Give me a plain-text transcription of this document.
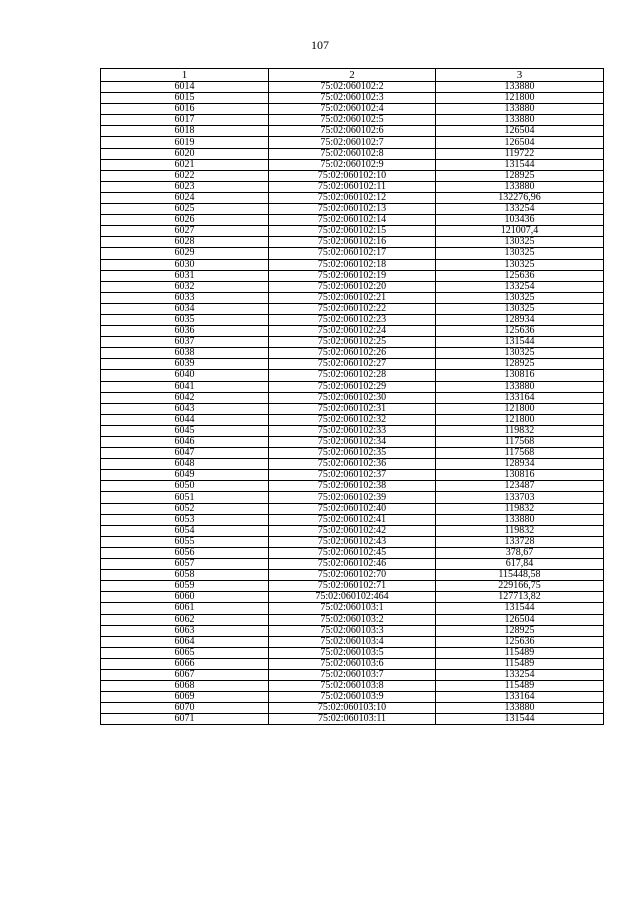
107
1	2	3
6014	75:02:060102:2	133880
6015	75:02:060102:3	121800
6016	75:02:060102:4	133880
6017	75:02:060102:5	133880
6018	75:02:060102:6	126504
6019	75:02:060102:7	126504
6020	75:02:060102:8	119722
6021	75:02:060102:9	131544
6022	75:02:060102:10	128925
6023	75:02:060102:11	133880
6024	75:02:060102:12	132276,96
6025	75:02:060102:13	133254
6026	75:02:060102:14	103436
6027	75:02:060102:15	121007,4
6028	75:02:060102:16	130325
6029	75:02:060102:17	130325
6030	75:02:060102:18	130325
6031	75:02:060102:19	125636
6032	75:02:060102:20	133254
6033	75:02:060102:21	130325
6034	75:02:060102:22	130325
6035	75:02:060102:23	128934
6036	75:02:060102:24	125636
6037	75:02:060102:25	131544
6038	75:02:060102:26	130325
6039	75:02:060102:27	128925
6040	75:02:060102:28	130816
6041	75:02:060102:29	133880
6042	75:02:060102:30	133164
6043	75:02:060102:31	121800
6044	75:02:060102:32	121800
6045	75:02:060102:33	119832
6046	75:02:060102:34	117568
6047	75:02:060102:35	117568
6048	75:02:060102:36	128934
6049	75:02:060102:37	130816
6050	75:02:060102:38	123487
6051	75:02:060102:39	133703
6052	75:02:060102:40	119832
6053	75:02:060102:41	133880
6054	75:02:060102:42	119832
6055	75:02:060102:43	133728
6056	75:02:060102:45	378,67
6057	75:02:060102:46	617,84
6058	75:02:060102:70	115448,58
6059	75:02:060102:71	229166,75
6060	75:02:060102:464	127713,82
6061	75:02:060103:1	131544
6062	75:02:060103:2	126504
6063	75:02:060103:3	128925
6064	75:02:060103:4	125636
6065	75:02:060103:5	115489
6066	75:02:060103:6	115489
6067	75:02:060103:7	133254
6068	75:02:060103:8	115489
6069	75:02:060103:9	133164
6070	75:02:060103:10	133880
6071	75:02:060103:11	131544
